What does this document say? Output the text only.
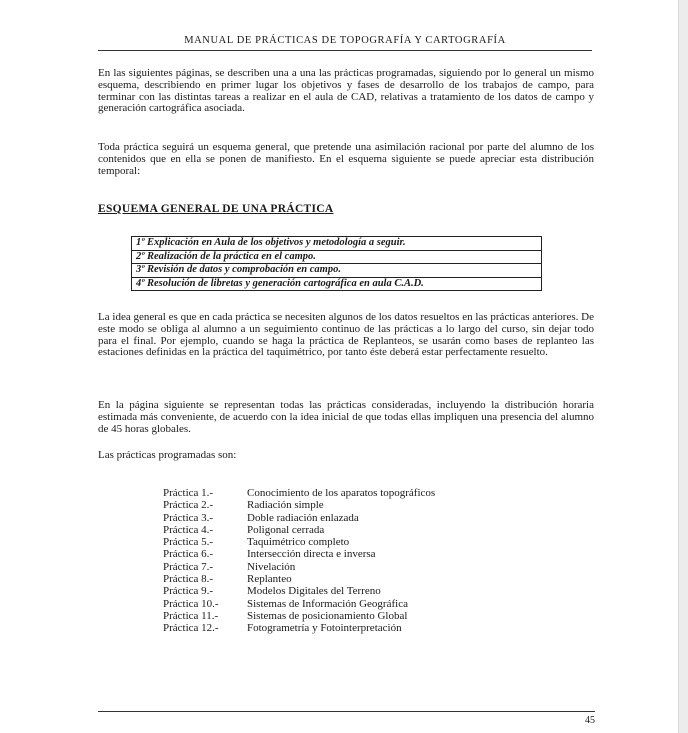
MANUAL DE PRÁCTICAS DE TOPOGRAFÍA Y CARTOGRAFÍA

En las siguientes páginas, se describen una a una las prácticas programadas, siguiendo por lo general un mismo esquema, describiendo en primer lugar los objetivos y fases de desarrollo de los trabajos de campo, para terminar con las distintas tareas a realizar en el aula de CAD, relativas a tratamiento de los datos de campo y generación cartográfica asociada.

Toda práctica seguirá un esquema general, que pretende una asimilación racional por parte del alumno de los contenidos que en ella se ponen de manifiesto. En el esquema siguiente se puede apreciar esta distribución temporal:

ESQUEMA GENERAL DE UNA PRÁCTICA
1º Explicación en Aula de los objetivos y metodología a seguir.
2º Realización de la práctica en el campo.
3º Revisión de datos y comprobación en campo.
4º Resolución de libretas y generación cartográfica en aula C.A.D.

La idea general es que en cada práctica se necesiten algunos de los datos resueltos en las prácticas anteriores. De este modo se obliga al alumno a un seguimiento continuo de las prácticas a lo largo del curso, sin dejar todo para el final. Por ejemplo, cuando se haga la práctica de Replanteos, se usarán como bases de replanteo las estaciones definidas en la práctica del taquimétrico, por tanto éste deberá estar perfectamente resuelto.

En la página siguiente se representan todas las prácticas consideradas, incluyendo la distribución horaria estimada más conveniente, de acuerdo con la idea inicial de que todas ellas impliquen una presencia del alumno de 45 horas globales.

Las prácticas programadas son:

Práctica 1.-	Conocimiento de los aparatos topográficos
Práctica 2.-	Radiación simple
Práctica 3.-	Doble radiación enlazada
Práctica 4.-	Poligonal cerrada
Práctica 5.-	Taquimétrico completo
Práctica 6.-	Intersección directa e inversa
Práctica 7.-	Nivelación
Práctica 8.-	Replanteo
Práctica 9.-	Modelos Digitales del Terreno
Práctica 10.-	Sistemas de Información Geográfica
Práctica 11.-	Sistemas de posicionamiento Global
Práctica 12.-	Fotogrametría y Fotointerpretación
45
